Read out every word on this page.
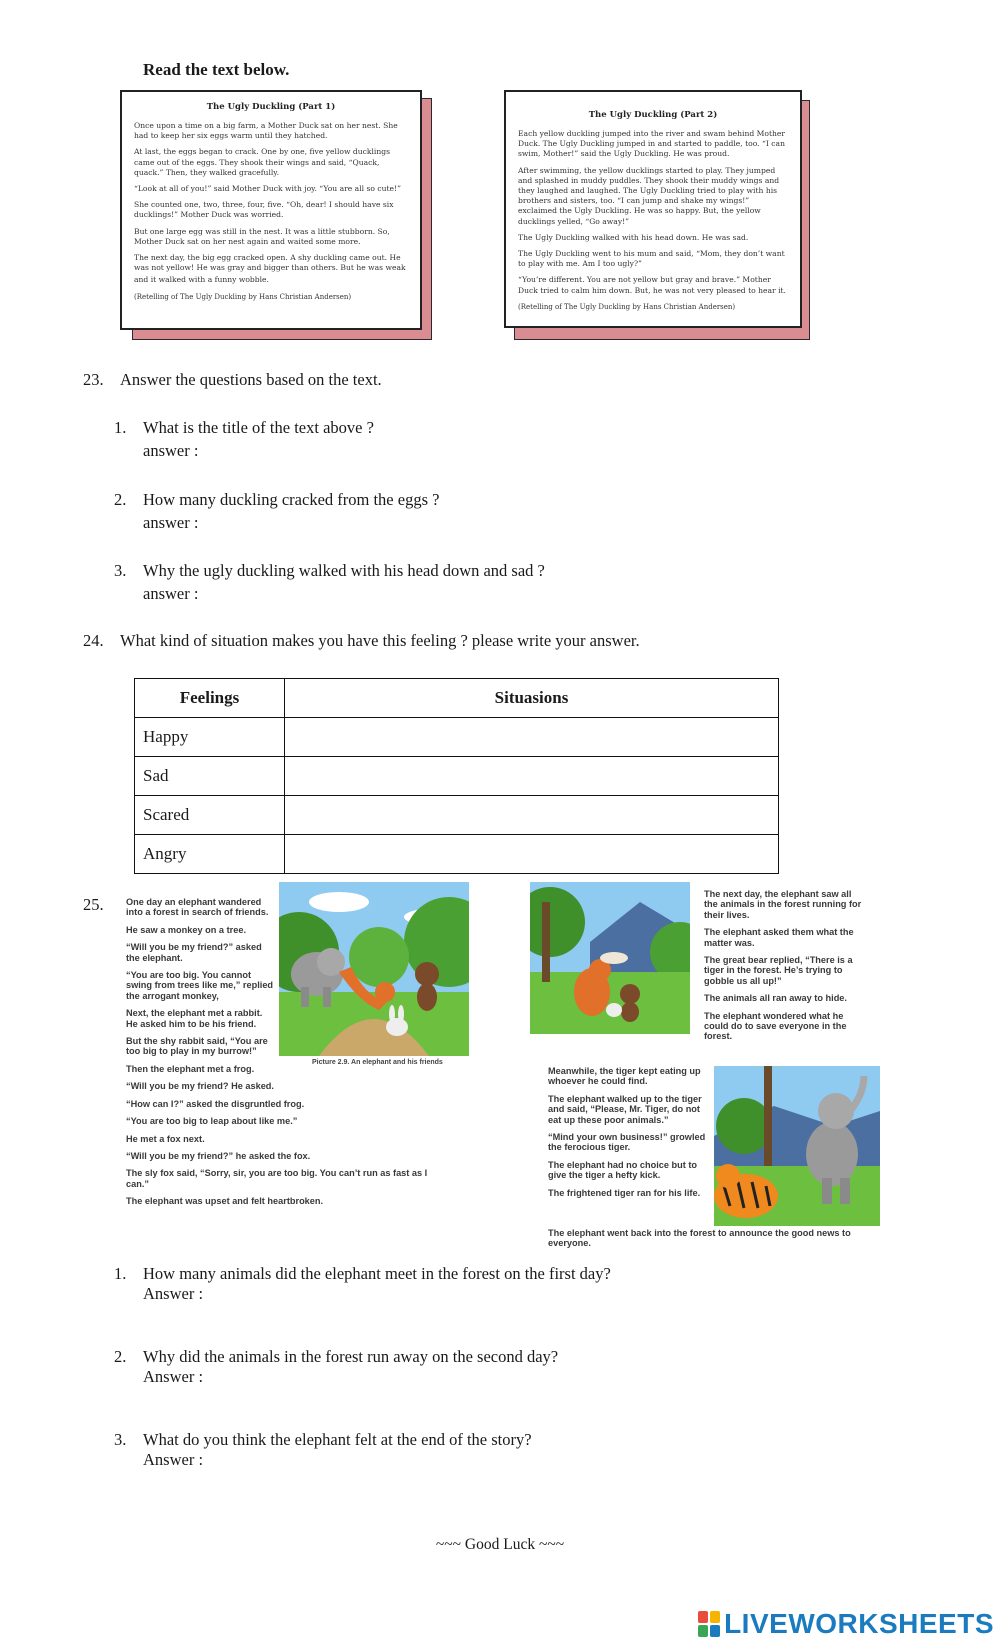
Read the text below.
The Ugly Duckling (Part 1)

Once upon a time on a big farm, a Mother Duck sat on her nest. She had to keep her six eggs warm until they hatched.

At last, the eggs began to crack. One by one, five yellow ducklings came out of the eggs. They shook their wings and said, “Quack, quack.” Then, they walked gracefully.

“Look at all of you!” said Mother Duck with joy. “You are all so cute!”

She counted one, two, three, four, five. “Oh, dear! I should have six ducklings!” Mother Duck was worried.

But one large egg was still in the nest. It was a little stubborn. So, Mother Duck sat on her nest again and waited some more.

The next day, the big egg cracked open. A shy duckling came out. He was not yellow! He was gray and bigger than others. But he was weak

and it walked with a funny wobble.

(Retelling of The Ugly Duckling by Hans Christian Andersen)

The Ugly Duckling (Part 2)

Each yellow duckling jumped into the river and swam behind Mother Duck. The Ugly Duckling jumped in and started to paddle, too. “I can swim, Mother!” said the Ugly Duckling. He was proud.

After swimming, the yellow ducklings started to play. They jumped and splashed in muddy puddles. They shook their muddy wings and they laughed and laughed. The Ugly Duckling tried to play with his brothers and sisters, too. “I can jump and shake my wings!” exclaimed the Ugly Duckling. He was so happy. But, the yellow ducklings yelled, “Go away!”

The Ugly Duckling walked with his head down. He was sad.

The Ugly Duckling went to his mum and said, “Mom, they don’t want to play with me. Am I too ugly?”

“You’re different. You are not yellow but gray and brave.” Mother Duck tried to calm him down. But, he was not very pleased to hear it.

(Retelling of The Ugly Duckling by Hans Christian Andersen)

23. Answer the questions based on the text.
1. What is the title of the text above ?
answer :
2. How many duckling cracked from the eggs ?
answer :
3. Why the ugly duckling walked with his head down and sad ?
answer :
24. What kind of situation makes you have this feeling ? please write your answer.
Feelings	Situasions
Happy	
Sad	
Scared	
Angry	
25. One day an elephant wandered into a forest in search of friends.

He saw a monkey on a tree.

“Will you be my friend?” asked the elephant.

“You are too big. You cannot swing from trees like me,” replied the arrogant monkey,

Next, the elephant met a rabbit. He asked him to be his friend.

But the shy rabbit said, “You are too big to play in my burrow!”

Then the elephant met a frog.

“Will you be my friend? He asked.

“How can I?” asked the disgruntled frog.

“You are too big to leap about like me.”

He met a fox next.

“Will you be my friend?” he asked the fox.

The sly fox said, “Sorry, sir, you are too big. You can’t run as fast as I can.”

The elephant was upset and felt heartbroken.

Picture 2.9. An elephant and his friends

The next day, the elephant saw all the animals in the forest running for their lives.

The elephant asked them what the matter was.

The great bear replied, “There is a tiger in the forest. He’s trying to gobble us all up!”

The animals all ran away to hide.

The elephant wondered what he could do to save everyone in the forest.

Meanwhile, the tiger kept eating up whoever he could find.

The elephant walked up to the tiger and said, “Please, Mr. Tiger, do not eat up these poor animals.”

“Mind your own business!” growled the ferocious tiger.

The elephant had no choice but to give the tiger a hefty kick.

The frightened tiger ran for his life.

The elephant went back into the forest to announce the good news to everyone.

1. How many animals did the elephant meet in the forest on the first day?
Answer :
2. Why did the animals in the forest run away on the second day?
Answer :
3. What do you think the elephant felt at the end of the story?
Answer :
~~~ Good Luck ~~~
LIVEWORKSHEETS
